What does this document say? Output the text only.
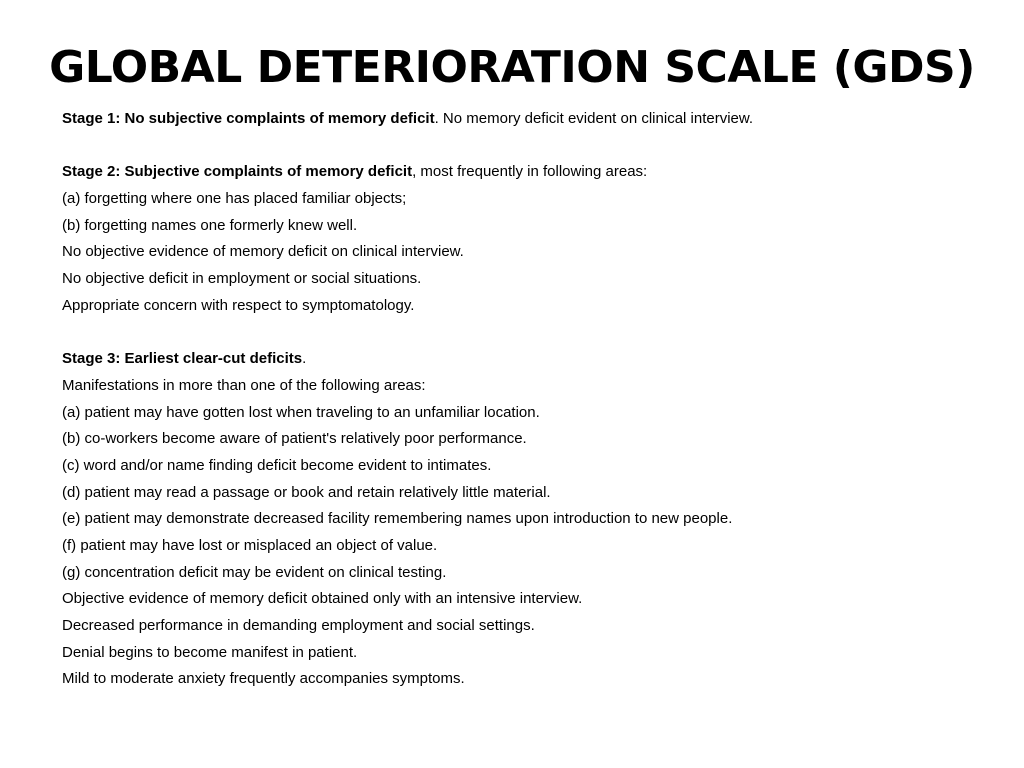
GLOBAL DETERIORATION SCALE (GDS)
Stage 1: No subjective complaints of memory deficit. No memory deficit evident on clinical interview.
Stage 2: Subjective complaints of memory deficit, most frequently in following areas:
(a) forgetting where one has placed familiar objects;
(b) forgetting names one formerly knew well.
No objective evidence of memory deficit on clinical interview.
No objective deficit in employment or social situations.
Appropriate concern with respect to symptomatology.
Stage 3: Earliest clear-cut deficits.
Manifestations in more than one of the following areas:
(a) patient may have gotten lost when traveling to an unfamiliar location.
(b) co-workers become aware of patient's relatively poor performance.
(c) word and/or name finding deficit become evident to intimates.
(d) patient may read a passage or book and retain relatively little material.
(e) patient may demonstrate decreased facility remembering names upon introduction to new people.
(f) patient may have lost or misplaced an object of value.
(g) concentration deficit may be evident on clinical testing.
Objective evidence of memory deficit obtained only with an intensive interview.
Decreased performance in demanding employment and social settings.
Denial begins to become manifest in patient.
Mild to moderate anxiety frequently accompanies symptoms.
